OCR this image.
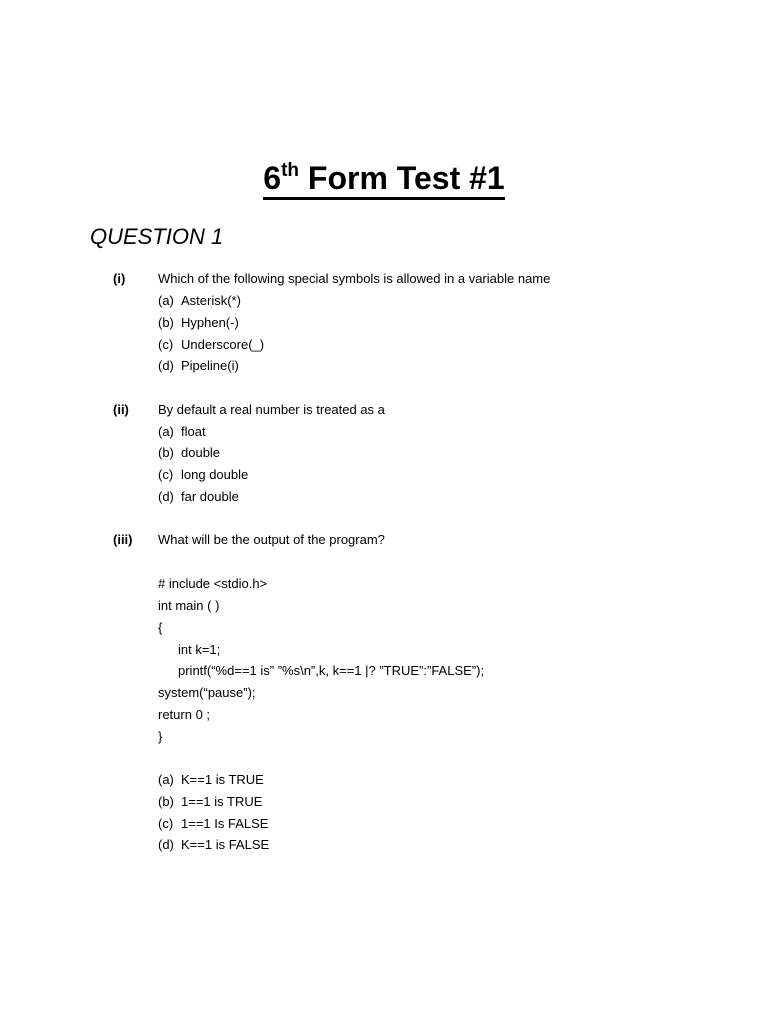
6th Form Test #1
QUESTION 1
(i)	Which of the following special symbols is allowed in a variable name
(a) Asterisk(*)
(b) Hyphen(-)
(c) Underscore(_)
(d) Pipeline(i)
(ii) By default a real number is treated as a
(a) float
(b) double
(c) long double
(d) far double
(iii) What will be the output of the program?
# include <stdio.h>
int main ( )
{
int k=1;
printf(“%d==1 is” ”%s\n”,k, k==1 |? ”TRUE”:”FALSE”);
system(“pause”);
return 0 ;
}
(a) K==1 is TRUE
(b) 1==1 is TRUE
(c) 1==1 Is FALSE
(d) K==1 is FALSE
